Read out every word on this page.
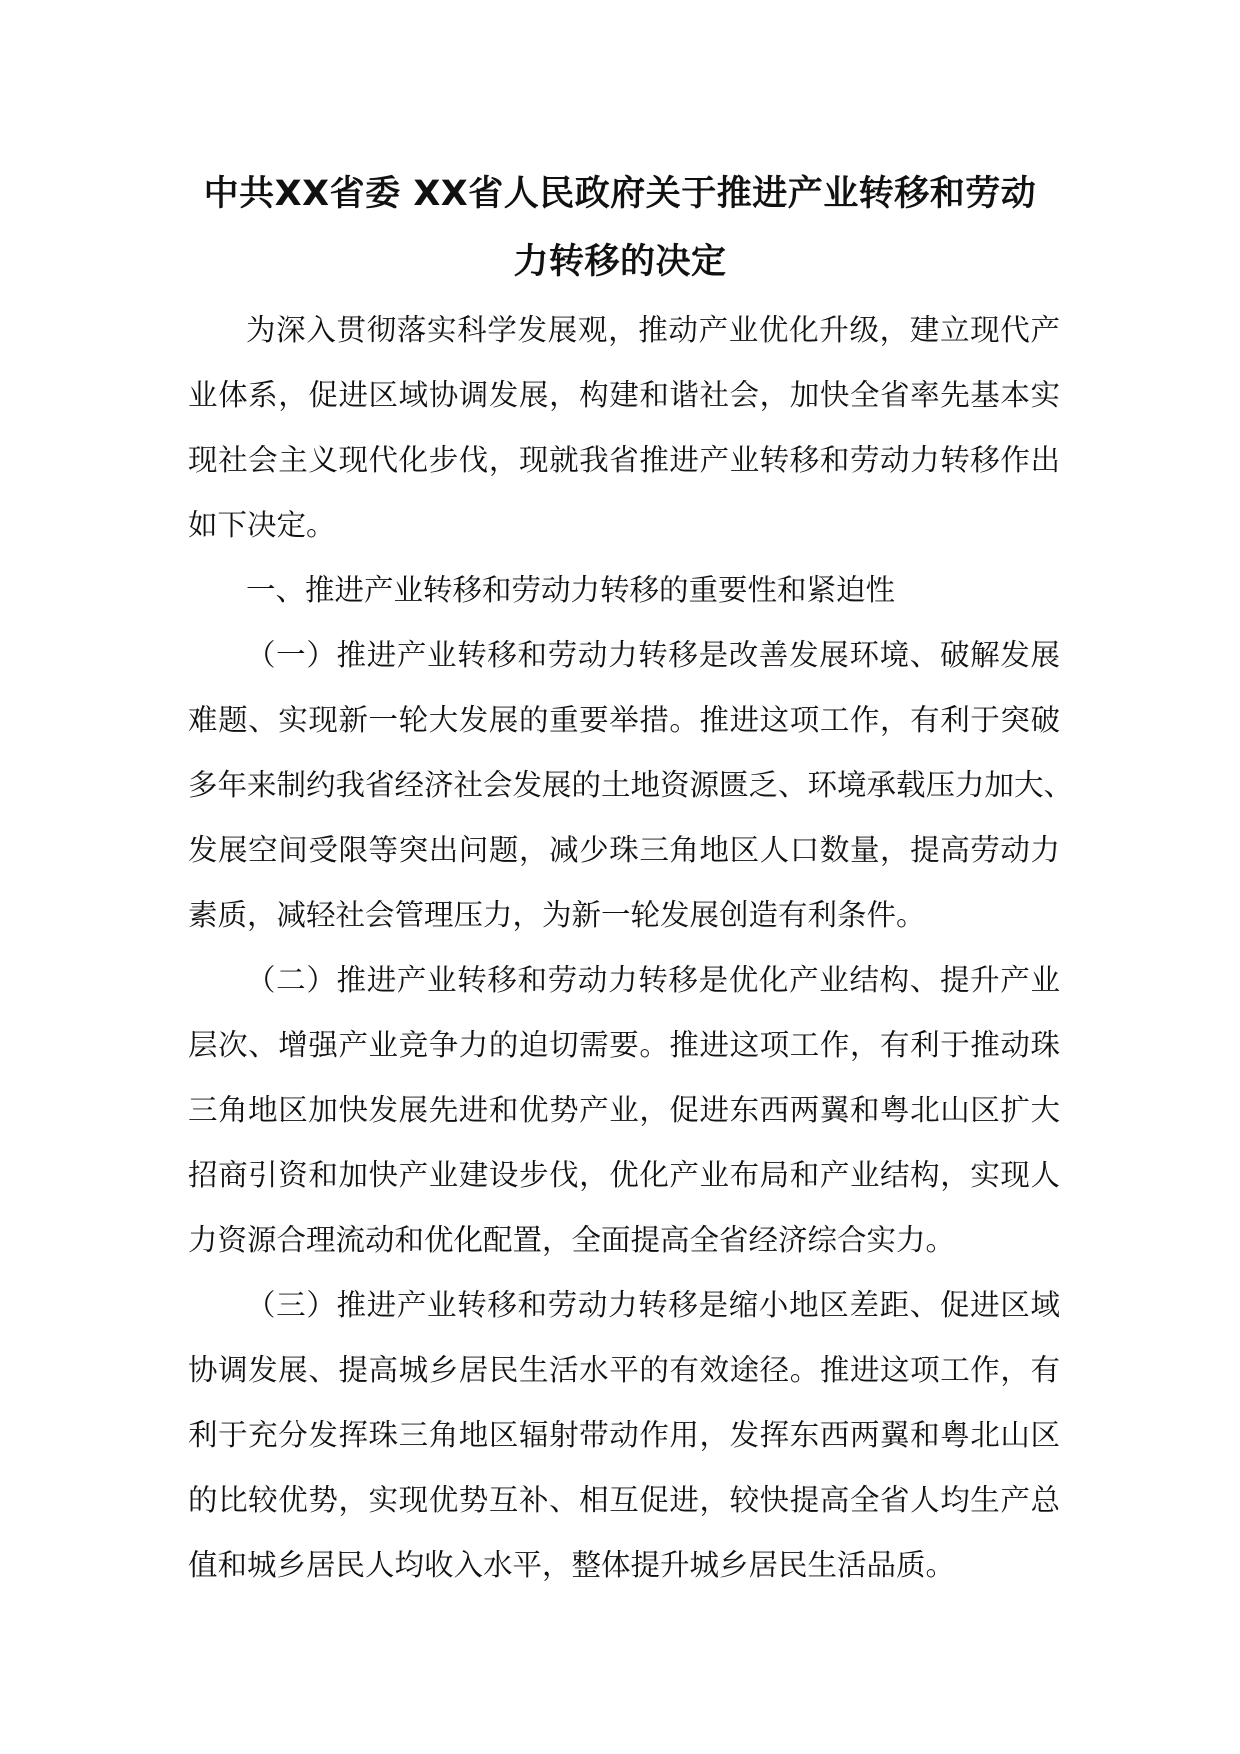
中共XX省委 XX省人民政府关于推进产业转移和劳动
力转移的决定
为深入贯彻落实科学发展观，推动产业优化升级，建立现代产
业体系，促进区域协调发展，构建和谐社会，加快全省率先基本实
现社会主义现代化步伐，现就我省推进产业转移和劳动力转移作出
如下决定。
一、推进产业转移和劳动力转移的重要性和紧迫性
（一）推进产业转移和劳动力转移是改善发展环境、破解发展
难题、实现新一轮大发展的重要举措。推进这项工作，有利于突破
多年来制约我省经济社会发展的土地资源匮乏、环境承载压力加大、
发展空间受限等突出问题，减少珠三角地区人口数量，提高劳动力
素质，减轻社会管理压力，为新一轮发展创造有利条件。
（二）推进产业转移和劳动力转移是优化产业结构、提升产业
层次、增强产业竞争力的迫切需要。推进这项工作，有利于推动珠
三角地区加快发展先进和优势产业，促进东西两翼和粤北山区扩大
招商引资和加快产业建设步伐，优化产业布局和产业结构，实现人
力资源合理流动和优化配置，全面提高全省经济综合实力。
（三）推进产业转移和劳动力转移是缩小地区差距、促进区域
协调发展、提高城乡居民生活水平的有效途径。推进这项工作，有
利于充分发挥珠三角地区辐射带动作用，发挥东西两翼和粤北山区
的比较优势，实现优势互补、相互促进，较快提高全省人均生产总
值和城乡居民人均收入水平，整体提升城乡居民生活品质。
